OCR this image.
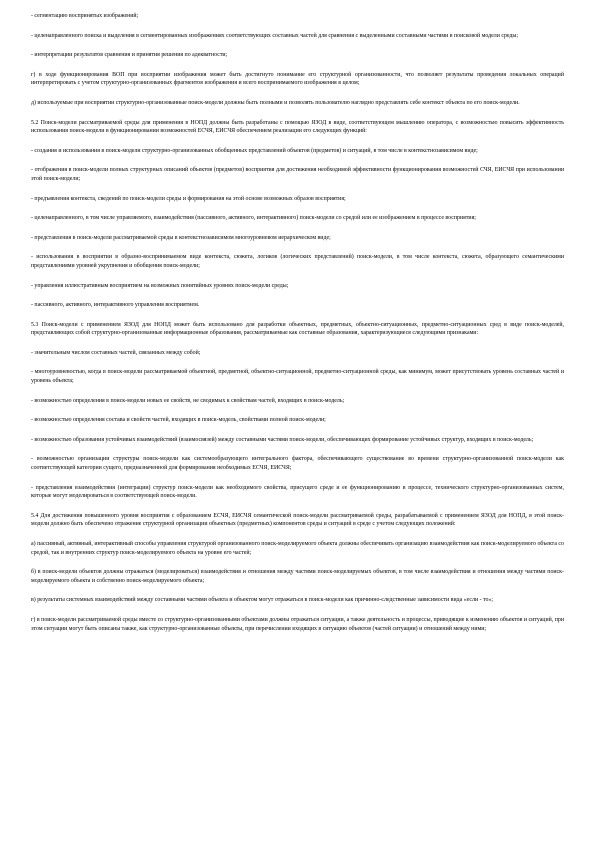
- сегментацию воспринятых изображений;

- целенаправленного поиска и выделения в сегментированных изображениях соответствующих составных частей для сравнения с выделенными составными частями в поисковой модели среды;

- интерпретации результатов сравнения и принятия решения по адекватности;

г) в ходе функционирования ВОП при восприятии изображения может быть достигнуто понимание его структурной организованности, что позволяет результаты проведения локальных операций интерпретировать с учетом структурно-организованных фрагментов изображения и всего воспринимаемого изображения в целом;

д) используемые при восприятии структурно-организованные поиск-модели должны быть полными и позволять пользователю наглядно представлять себе контекст объекта по его поиск-модели.

5.2 Поиск-модели рассматриваемой среды для применения в НОПД должны быть разработаны с помощью ЯЗОД в виде, соответствующем мышлению оператора, с возможностью повысить эффективность использования поиск-модели в функционировании возможностей ЕСЧЯ, ЕИСЧЯ обеспечением реализации его следующих функций:

- создания и использования в поиск-модели структурно-организованных обобщенных представлений объектов (предметов) и ситуаций, в том числе в контекстнозависимом виде;

- отображения в поиск-модели полных структурных описаний объектов (предметов) восприятия для достижения необходимой эффективности функционирования возможностей СЧЯ, ЕИСЧЯ при использовании этой поиск-модели;

- предъявления контекста, сведений по поиск-модели среды и формирования на этой основе возможных образов восприятия;

- целенаправленного, в том числе управляемого, взаимодействия (пассивного, активного, интерактивного) поиск-модели со средой или ее изображением в процессе восприятия;

- представления в поиск-модели рассматриваемой среды в контекстнозависимом многоуровневом иерархическом виде;

- использования в восприятии в образно-воспринимаемом виде контекста, сюжета, логиков (логических представлений) поиск-модели, в том числе контекста, сюжета, образующего семантическими представлениями уровней укрупнения и обобщения поиск-модели;

- управления иллюстративным восприятием на возможных понятийных уровнях поиск-модели среды;

- пассивного, активного, интерактивного управления восприятием.

5.3 Поиск-модели с применением ЯЗОД для НОПД может быть использовано для разработки объектных, предметных, объектно-ситуационных, предметно-ситуационных сред в виде поиск-моделей, представляющих собой структурно-организованные информационные образования, рассматриваемые как составные образования, характеризующиеся следующими признаками:

- значительным числом составных частей, связанных между собой;

- многоуровневостью, когда в поиск-модели рассматриваемой объектной, предметной, объектно-ситуационной, предметно-ситуационной среды, как минимум, может присутствовать уровень составных частей и уровень объекта;

- возможностью определения в поиск-модели новых ее свойств, не сводимых к свойствам частей, входящих в поиск-модель;

- возможностью определения состава и свойств частей, входящих в поиск-модель, свойствами полной поиск-модели;

- возможностью образования устойчивых взаимодействий (взаимосвязей) между составными частями поиск-модели, обеспечивающих формирование устойчивых структур, входящих в поиск-модель;

- возможностью организации структуры поиск-модели как системообразующего интегрального фактора, обеспечивающего существование во времени структурно-организованной поиск-модели как соответствующей категории сущего, предназначенной для формирования необходимых ЕСЧЯ, ЕИСЧЯ;

- представления взаимодействия (интеграции) структур поиск-модели как необходимого свойства, присущего среде и ее функционированию в процессе, технического структурно-организованных систем, которые могут моделироваться в соответствующей поиск-модели.

5.4 Для достижения повышенного уровня восприятия с образованием ЕСЧЯ, ЕИСЧЯ семантической поиск-модели рассматриваемой среды, разрабатываемой с применением ЯЗОД для НОПД, в этой поиск-модели должно быть обеспечено отражение структурной организации объектных (предметных) компонентов среды и ситуаций в среде с учетом следующих положений:

а) пассивный, активный, интерактивный способы управления структурой организованного поиск-моделируемого объекта должны обеспечивать организацию взаимодействия как поиск-моделируемого объекта со средой, так и внутренних структур поиск-моделируемого объекта на уровне его частей;

б) в поиск-модели объектов должны отражаться (моделироваться) взаимодействия и отношения между частями поиск-моделируемых объектов, в том числе взаимодействия и отношения между частями поиск-моделируемого объекта и собственно поиск-моделируемого объекта;

в) результаты системных взаимодействий между составными частями объекта и объектом могут отражаться в поиск-модели как причинно-следственные зависимости вида «если - то»;

г) в поиск-модели рассматриваемой среды вместе со структурно-организованными объектами должны отражаться ситуации, а также деятельность и процессы, приводящие к изменению объектов и ситуаций, при этом ситуации могут быть описаны также, как структурно-организованные объекты, при перечислении входящих в ситуацию объектов (частей ситуации) и отношений между ними;
